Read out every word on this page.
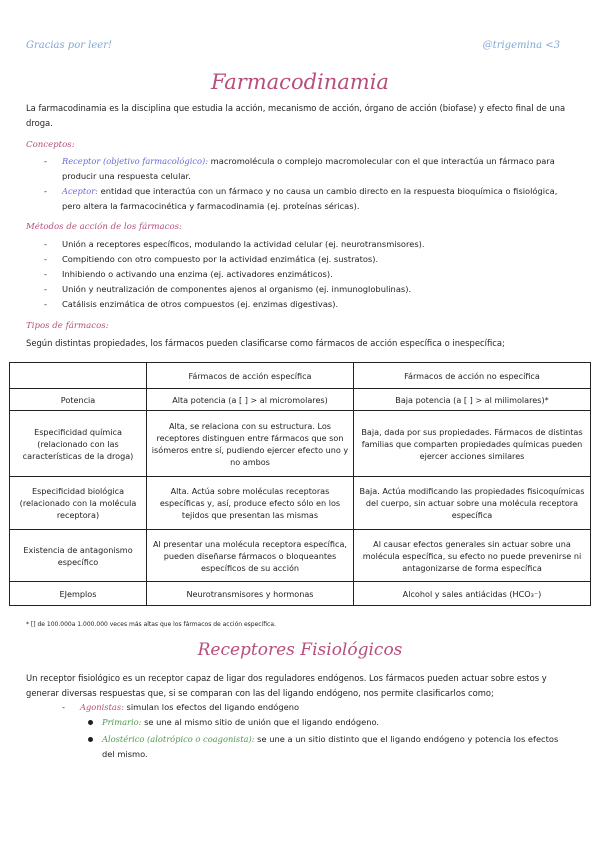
Gracias por leer!	@trigemina <3
Farmacodinamia
La farmacodinamia es la disciplina que estudia la acción, mecanismo de acción, órgano de acción (biofase) y efecto final de una droga.
Conceptos:
- Receptor (objetivo farmacológico): macromolécula o complejo macromolecular con el que interactúa un fármaco para producir una respuesta celular.
- Aceptor: entidad que interactúa con un fármaco y no causa un cambio directo en la respuesta bioquímica o fisiológica, pero altera la farmacocinética y farmacodinamia (ej. proteínas séricas).
Métodos de acción de los fármacos:
- Unión a receptores específicos, modulando la actividad celular (ej. neurotransmisores).
- Compitiendo con otro compuesto por la actividad enzimática (ej. sustratos).
- Inhibiendo o activando una enzima (ej. activadores enzimáticos).
- Unión y neutralización de componentes ajenos al organismo (ej. inmunoglobulinas).
- Catálisis enzimática de otros compuestos (ej. enzimas digestivas).
Tipos de fármacos:
Según distintas propiedades, los fármacos pueden clasificarse como fármacos de acción específica o inespecífica;
	Fármacos de acción específica	Fármacos de acción no específica
Potencia	Alta potencia (a [ ] > al micromolares)	Baja potencia (a [ ] > al milimolares)*
Especificidad química (relacionado con las características de la droga)	Alta, se relaciona con su estructura. Los receptores distinguen entre fármacos que son isómeros entre sí, pudiendo ejercer efecto uno y no ambos	Baja, dada por sus propiedades. Fármacos de distintas familias que comparten propiedades químicas pueden ejercer acciones similares
Especificidad biológica (relacionado con la molécula receptora)	Alta. Actúa sobre moléculas receptoras específicas y, así, produce efecto sólo en los tejidos que presentan las mismas	Baja. Actúa modificando las propiedades fisicoquímicas del cuerpo, sin actuar sobre una molécula receptora específica
Existencia de antagonismo específico	Al presentar una molécula receptora específica, pueden diseñarse fármacos o bloqueantes específicos de su acción	Al causar efectos generales sin actuar sobre una molécula específica, su efecto no puede prevenirse ni antagonizarse de forma específica
EJemplos	Neurotransmisores y hormonas	Alcohol y sales antiácidas (HCO₃⁻)
* [] de 100.000a 1.000.000 veces más altas que los fármacos de acción específica.
Receptores Fisiológicos
Un receptor fisiológico es un receptor capaz de ligar dos reguladores endógenos. Los fármacos pueden actuar sobre estos y generar diversas respuestas que, si se comparan con las del ligando endógeno, nos permite clasificarlos como;
- Agonistas: simulan los efectos del ligando endógeno
Primario: se une al mismo sitio de unión que el ligando endógeno.
Alostérico (alotrópico o coagonista): se une a un sitio distinto que el ligando endógeno y potencia los efectos del mismo.
